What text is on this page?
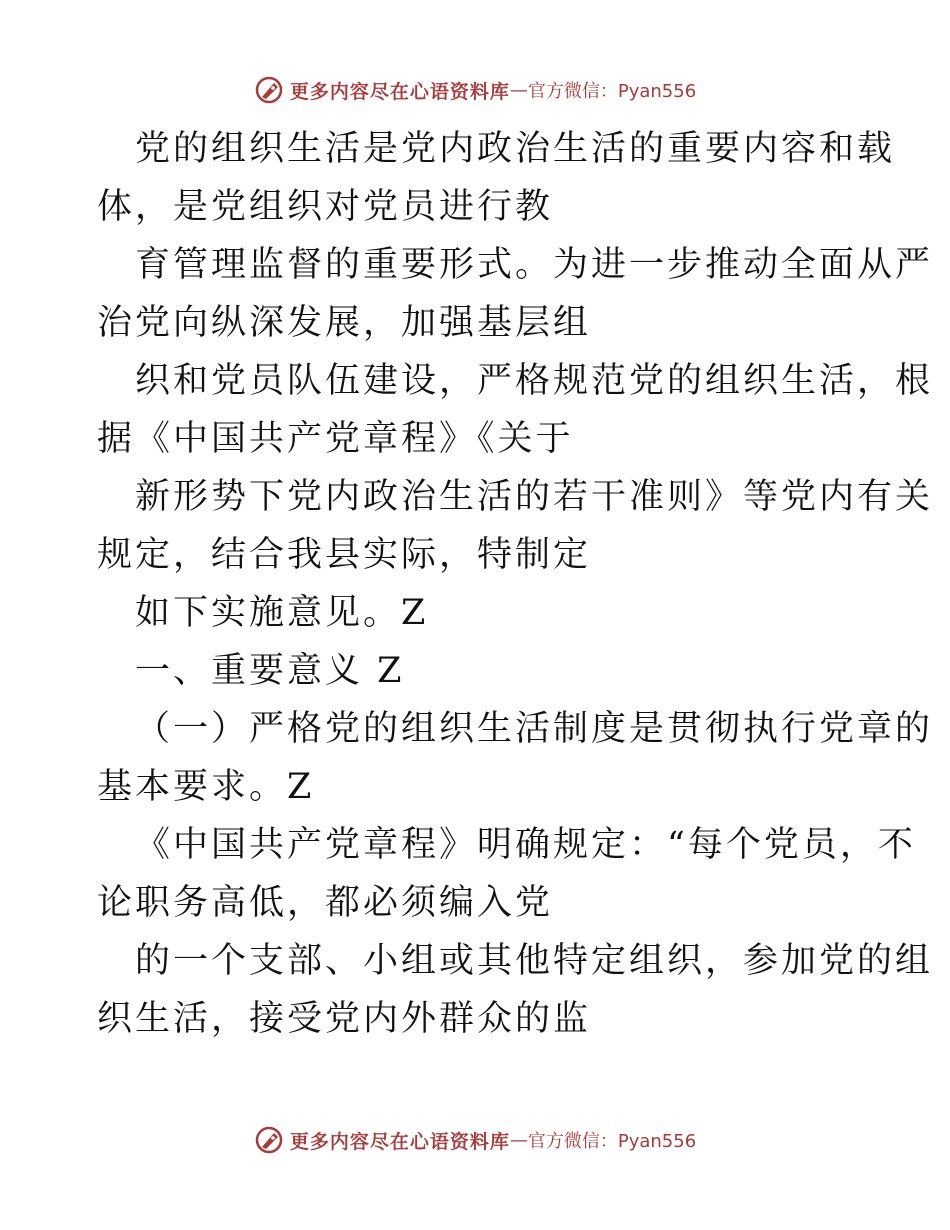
更多内容尽在心语资料库 — 官方微信：Pyan556
党的组织生活是党内政治生活的重要内容和载
体，是党组织对党员进行教
育管理监督的重要形式。为进一步推动全面从严
治党向纵深发展，加强基层组
织和党员队伍建设，严格规范党的组织生活，根
据《中国共产党章程》《关于
新形势下党内政治生活的若干准则》等党内有关
规定，结合我县实际，特制定
如下实施意见。Z
一、重要意义 Z
（一）严格党的组织生活制度是贯彻执行党章的
基本要求。Z
《中国共产党章程》明确规定：“每个党员，不
论职务高低，都必须编入党
的一个支部、小组或其他特定组织，参加党的组
织生活，接受党内外群众的监
更多内容尽在心语资料库 — 官方微信：Pyan556
